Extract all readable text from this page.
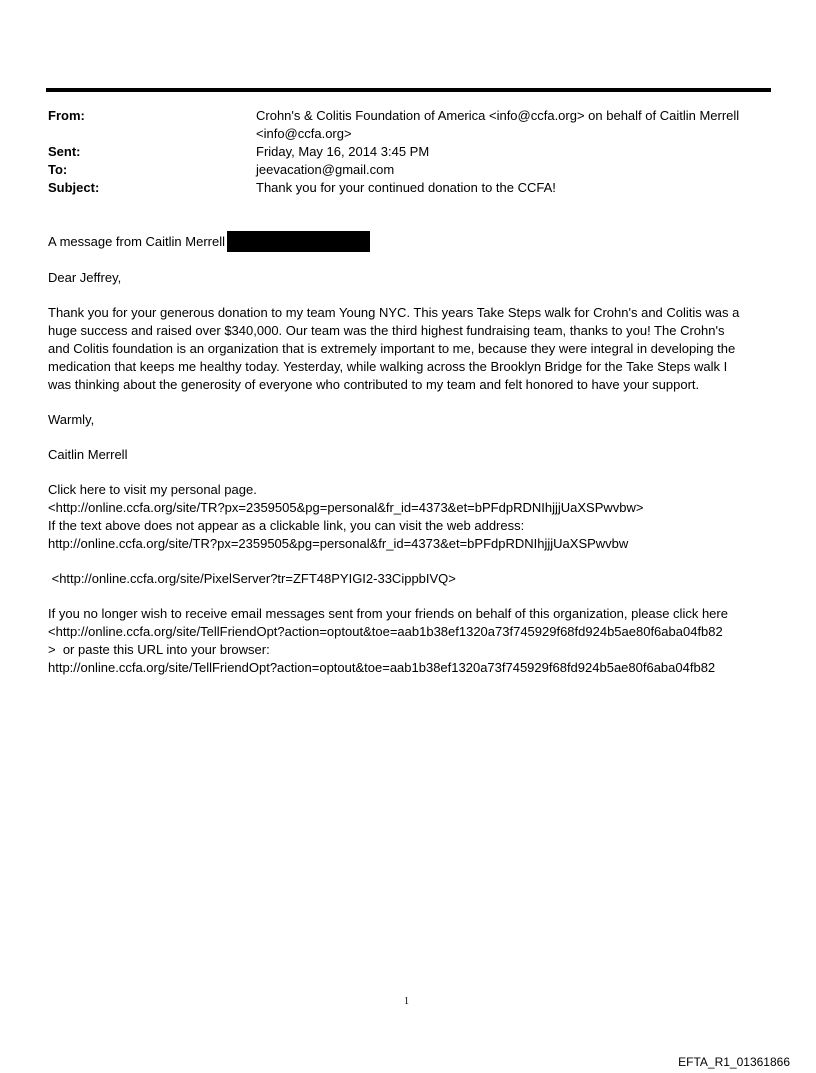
From:	Crohn's & Colitis Foundation of America <info@ccfa.org> on behalf of Caitlin Merrell
<info@ccfa.org>
Sent:	Friday, May 16, 2014 3:45 PM
To:	jeevacation@gmail.com
Subject:	Thank you for your continued donation to the CCFA!

A message from Caitlin Merrell

Dear Jeffrey,

Thank you for your generous donation to my team Young NYC. This years Take Steps walk for Crohn's and Colitis was a
huge success and raised over $340,000. Our team was the third highest fundraising team, thanks to you! The Crohn's
and Colitis foundation is an organization that is extremely important to me, because they were integral in developing the
medication that keeps me healthy today. Yesterday, while walking across the Brooklyn Bridge for the Take Steps walk I
was thinking about the generosity of everyone who contributed to my team and felt honored to have your support.

Warmly,

Caitlin Merrell

Click here to visit my personal page.
<http://online.ccfa.org/site/TR?px=2359505&pg=personal&fr_id=4373&et=bPFdpRDNIhjjjUaXSPwvbw>
If the text above does not appear as a clickable link, you can visit the web address:
http://online.ccfa.org/site/TR?px=2359505&pg=personal&fr_id=4373&et=bPFdpRDNIhjjjUaXSPwvbw

<http://online.ccfa.org/site/PixelServer?tr=ZFT48PYIGI2-33CippbIVQ>

If you no longer wish to receive email messages sent from your friends on behalf of this organization, please click here
<http://online.ccfa.org/site/TellFriendOpt?action=optout&toe=aab1b38ef1320a73f745929f68fd924b5ae80f6aba04fb82
>  or paste this URL into your browser:
http://online.ccfa.org/site/TellFriendOpt?action=optout&toe=aab1b38ef1320a73f745929f68fd924b5ae80f6aba04fb82

1
EFTA_R1_01361866
